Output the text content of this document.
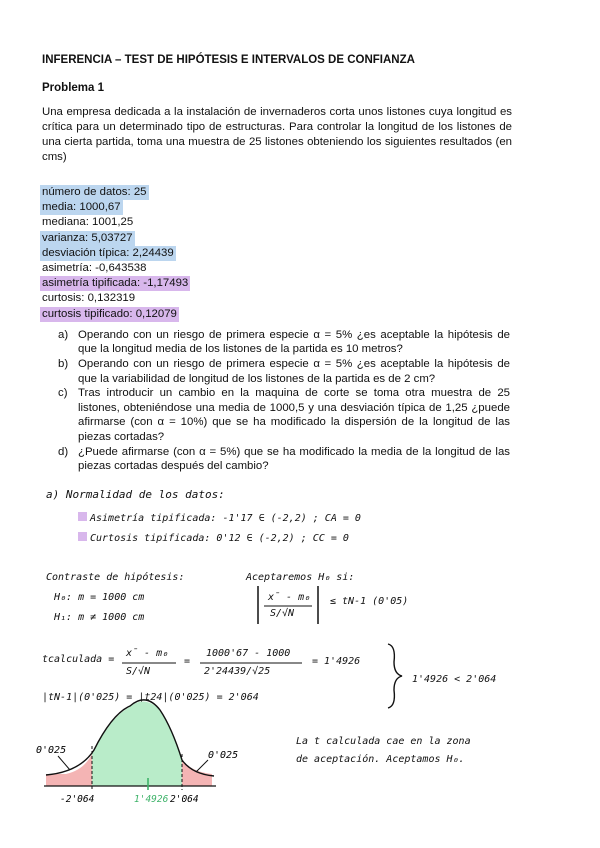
INFERENCIA – TEST DE HIPÓTESIS E INTERVALOS DE CONFIANZA
Problema 1
Una empresa dedicada a la instalación de invernaderos corta unos listones cuya longitud es crítica para un determinado tipo de estructuras. Para controlar la longitud de los listones de una cierta partida, toma una muestra de 25 listones obteniendo los siguientes resultados (en cms)
número de datos: 25
media: 1000,67
mediana: 1001,25
varianza: 5,03727
desviación típica: 2,24439
asimetría: -0,643538
asimetría tipificada: -1,17493
curtosis: 0,132319
curtosis tipificado: 0,12079
a) Operando con un riesgo de primera especie α = 5% ¿es aceptable la hipótesis de que la longitud media de los listones de la partida es 10 metros?
b) Operando con un riesgo de primera especie α = 5% ¿es aceptable la hipótesis de que la variabilidad de longitud de los listones de la partida es de 2 cm?
c) Tras introducir un cambio en la maquina de corte se toma otra muestra de 25 listones, obteniéndose una media de 1000,5 y una desviación típica de 1,25 ¿puede afirmarse (con α = 10%) que se ha modificado la dispersión de la longitud de las piezas cortadas?
d) ¿Puede afirmarse (con α = 5%) que se ha modificado la media de la longitud de las piezas cortadas después del cambio?
a) Normalidad de los datos:
Asimetría tipificada: -1'17 ∈ (-2,2) ; CA = 0
Curtosis tipificada: 0'12 ∈ (-2,2) ; CC = 0
Contraste de hipótesis:
H₀: m = 1000 cm
H₁: m ≠ 1000 cm
Aceptaremos H₀ si:
x̄ - m₀
S/√N
≤ tN-1 (0'05)
tcalculada =
x̄ - m₀
S/√N
=
1000'67 - 1000
2'24439/√25
= 1'4926
|tN-1|(0'025) = |t24|(0'025) = 2'064
1'4926 < 2'064
0'025	0'025
-2'064	1'4926 2'064
La t calculada cae en la zona
de aceptación. Aceptamos H₀.
